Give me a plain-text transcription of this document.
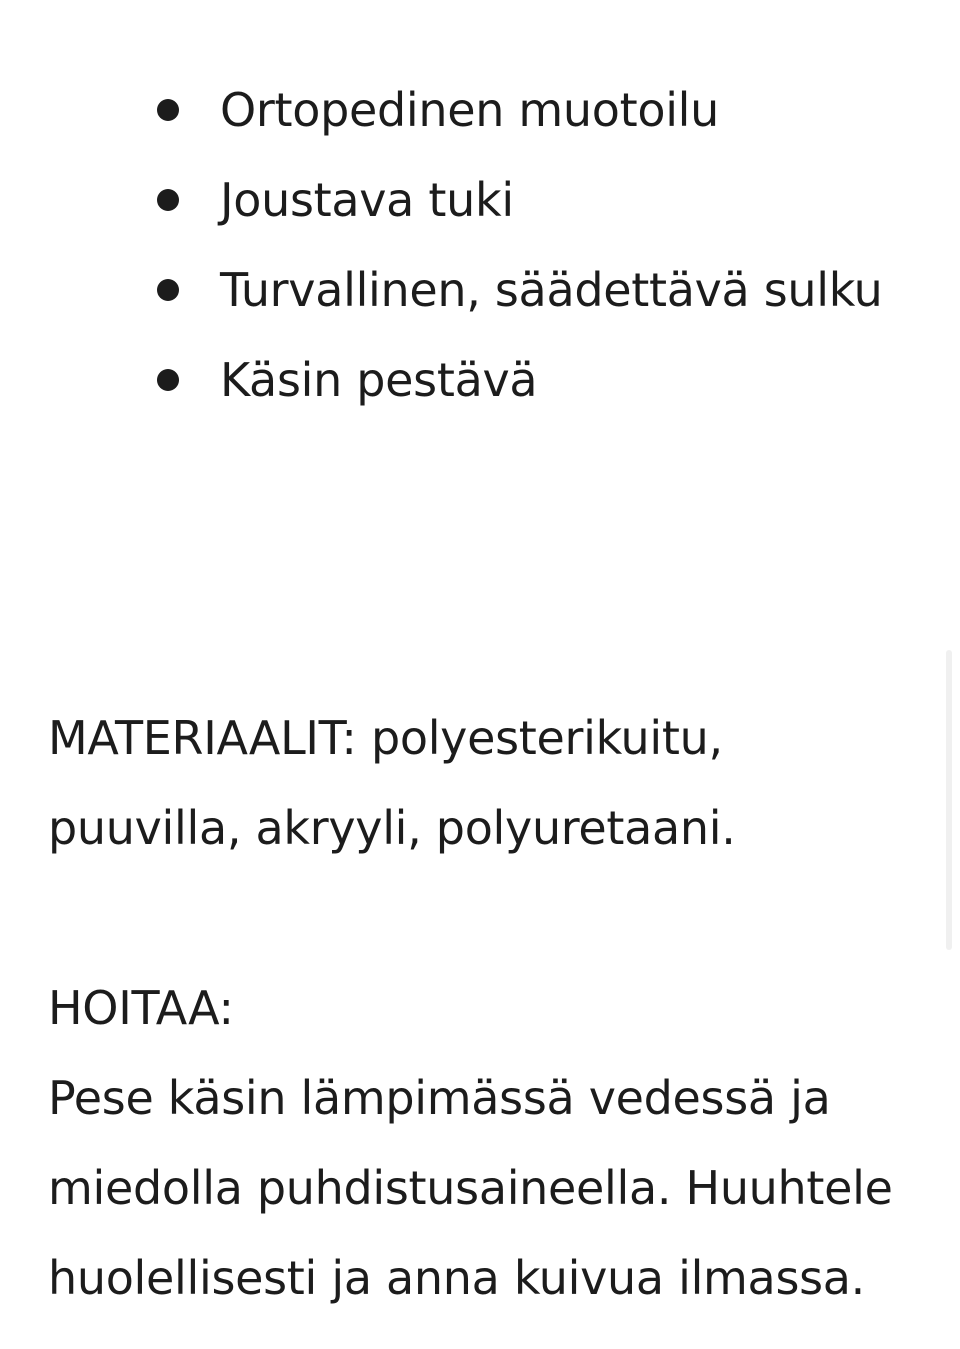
Ortopedinen muotoilu
Joustava tuki
Turvallinen, säädettävä sulku
Käsin pestävä

MATERIAALIT: polyesterikuitu, puuvilla, akryyli, polyuretaani.

HOITAA:

Pese käsin lämpimässä vedessä ja miedolla puhdistusaineella. Huuhtele huolellisesti ja anna kuivua ilmassa.
